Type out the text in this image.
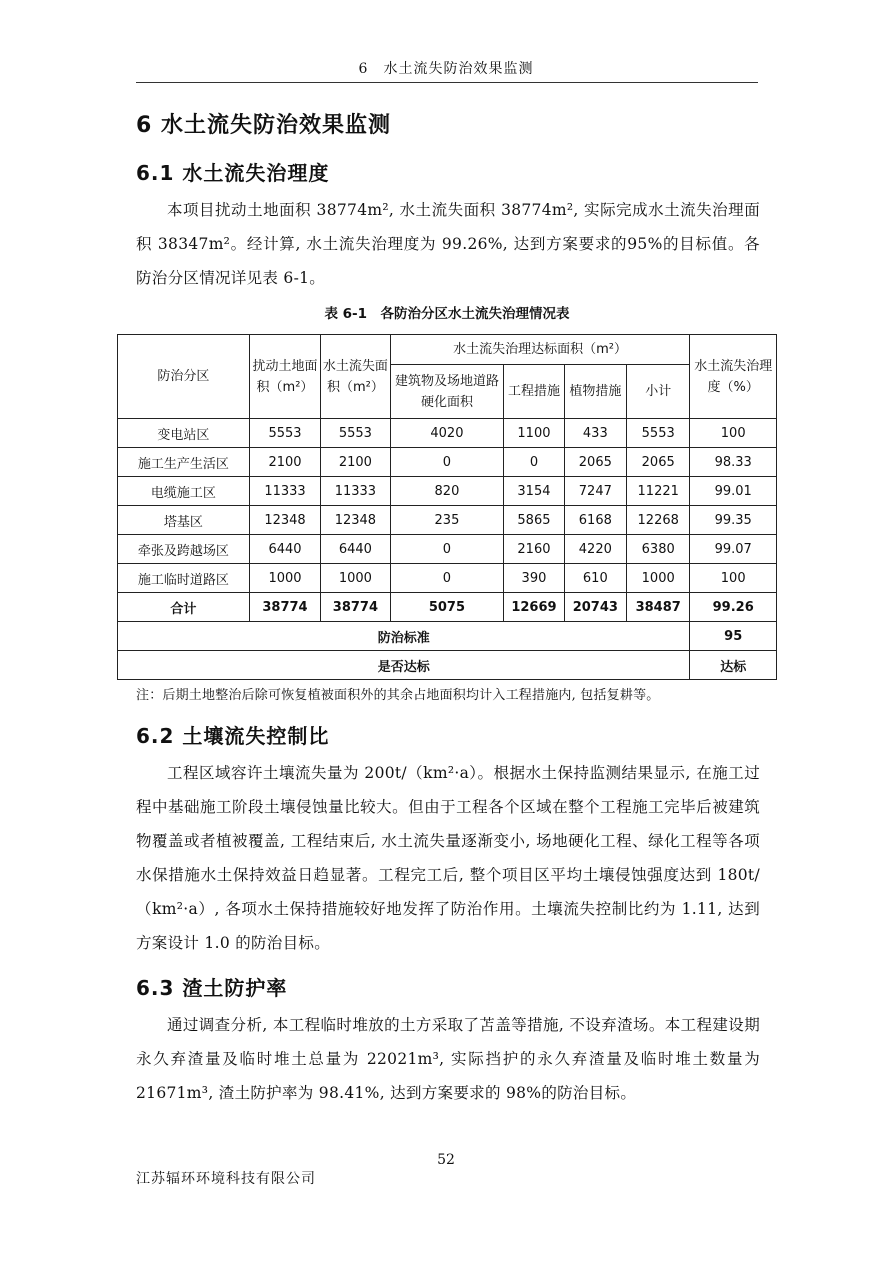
6　水土流失防治效果监测
6 水土流失防治效果监测
6.1 水土流失治理度
本项目扰动土地面积 38774m², 水土流失面积 38774m², 实际完成水土流失治理面积 38347m²。经计算, 水土流失治理度为 99.26%, 达到方案要求的95%的目标值。各防治分区情况详见表 6-1。
表 6-1　各防治分区水土流失治理情况表
防治分区	扰动土地面积（m²）	水土流失面积（m²）	水土流失治理达标面积（m²）				水土流失治理度（%）
			建筑物及场地道路硬化面积	工程措施	植物措施	小计	
变电站区	5553	5553	4020	1100	433	5553	100
施工生产生活区	2100	2100	0	0	2065	2065	98.33
电缆施工区	11333	11333	820	3154	7247	11221	99.01
塔基区	12348	12348	235	5865	6168	12268	99.35
牵张及跨越场区	6440	6440	0	2160	4220	6380	99.07
施工临时道路区	1000	1000	0	390	610	1000	100
合计	38774	38774	5075	12669	20743	38487	99.26
防治标准							95
是否达标							达标
注：后期土地整治后除可恢复植被面积外的其余占地面积均计入工程措施内, 包括复耕等。
6.2 土壤流失控制比
工程区域容许土壤流失量为 200t/（km²·a）。根据水土保持监测结果显示, 在施工过程中基础施工阶段土壤侵蚀量比较大。但由于工程各个区域在整个工程施工完毕后被建筑物覆盖或者植被覆盖, 工程结束后, 水土流失量逐渐变小, 场地硬化工程、绿化工程等各项水保措施水土保持效益日趋显著。工程完工后, 整个项目区平均土壤侵蚀强度达到 180t/（km²·a）, 各项水土保持措施较好地发挥了防治作用。土壤流失控制比约为 1.11, 达到方案设计 1.0 的防治目标。
6.3 渣土防护率
通过调查分析, 本工程临时堆放的土方采取了苫盖等措施, 不设弃渣场。本工程建设期永久弃渣量及临时堆土总量为 22021m³, 实际挡护的永久弃渣量及临时堆土数量为 21671m³, 渣土防护率为 98.41%, 达到方案要求的 98%的防治目标。
52
江苏辐环环境科技有限公司
